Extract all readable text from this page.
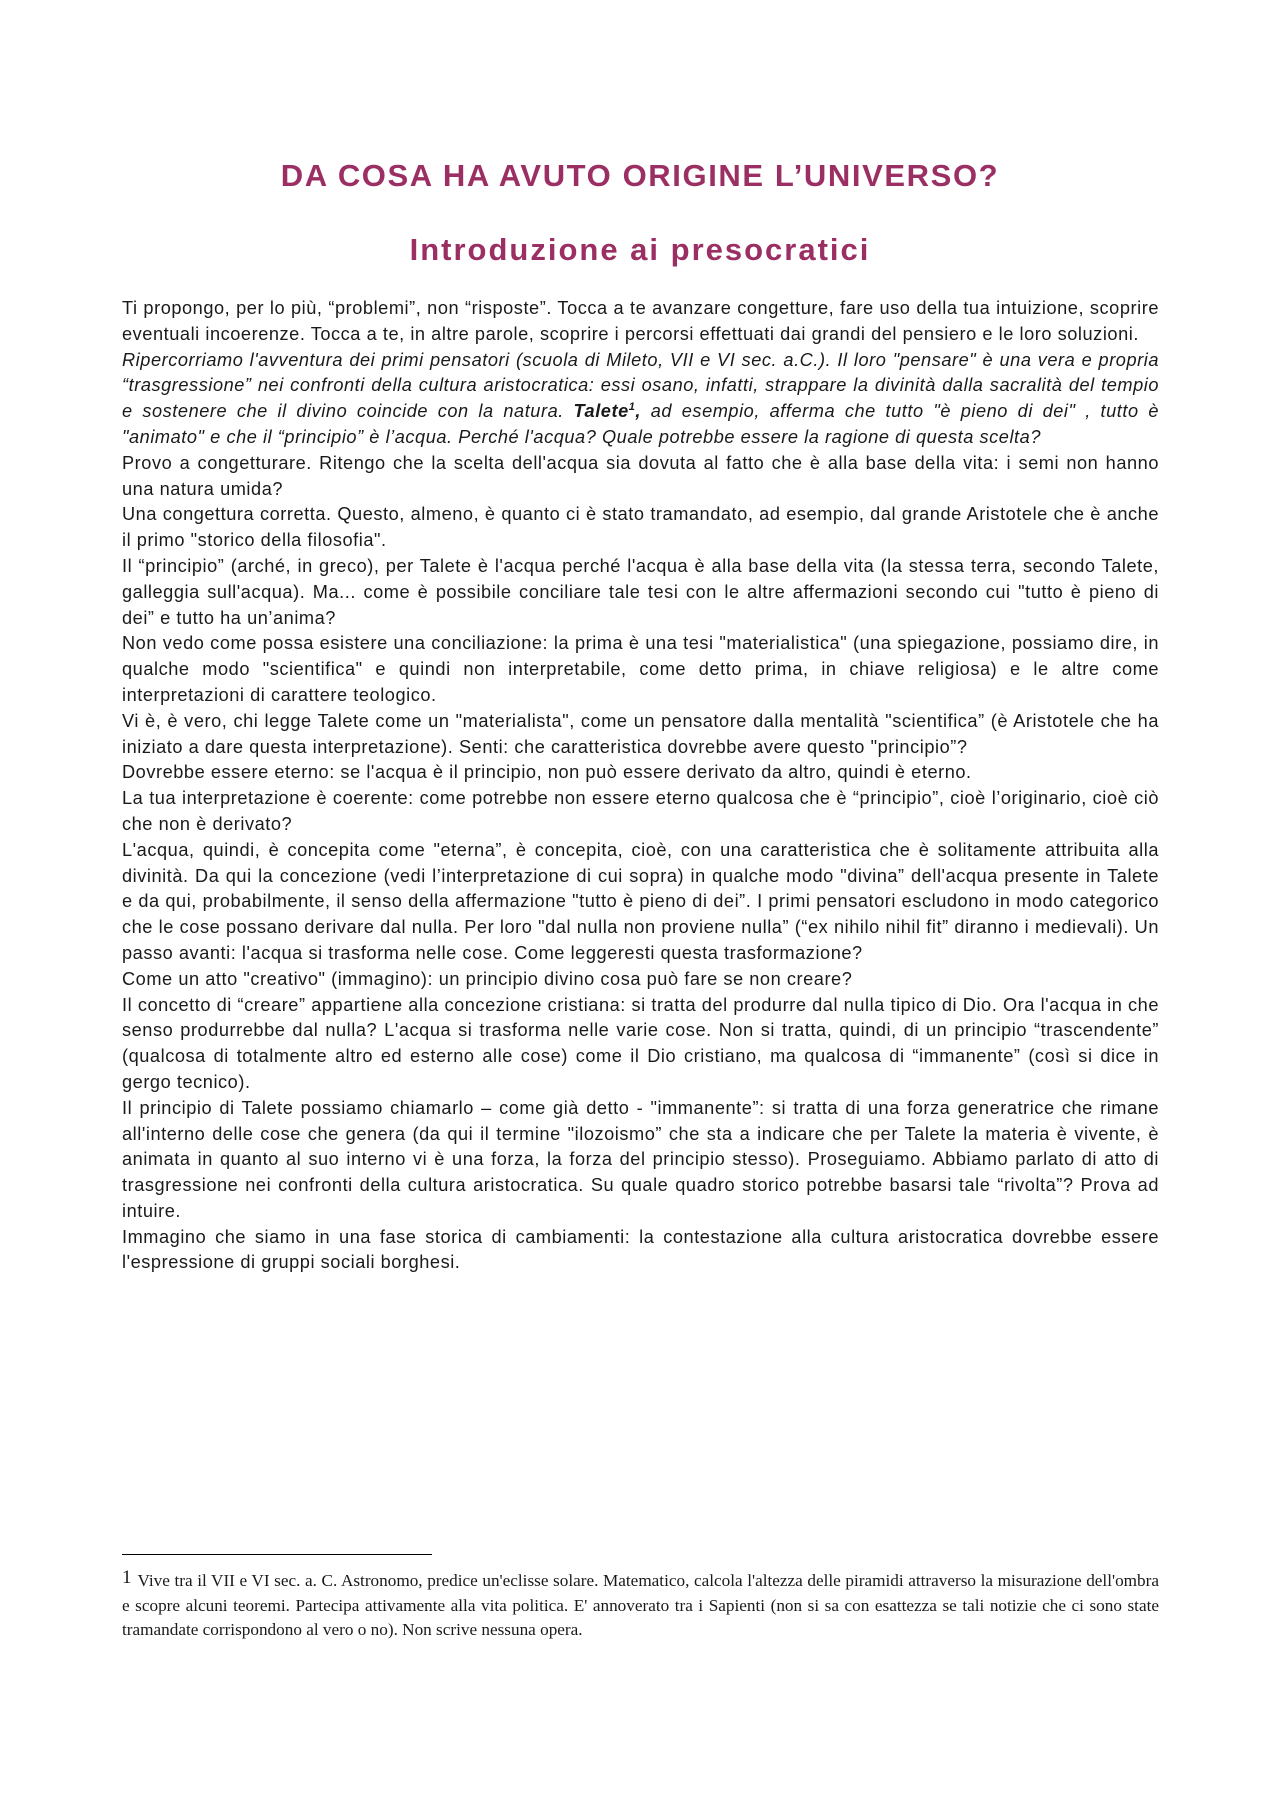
DA COSA HA AVUTO ORIGINE L’UNIVERSO?
Introduzione ai presocratici

Ti propongo, per lo più, “problemi”, non “risposte”. Tocca a te avanzare congetture, fare uso della tua intuizione, scoprire eventuali incoerenze. Tocca a te, in altre parole, scoprire i percorsi effettuati dai grandi del pensiero e le loro soluzioni.

Ripercorriamo l'avventura dei primi pensatori (scuola di Mileto, VII e VI sec. a.C.). Il loro "pensare" è una vera e propria “trasgressione” nei confronti della cultura aristocratica: essi osano, infatti, strappare la divinità dalla sacralità del tempio e sostenere che il divino coincide con la natura. Talete$^1$, ad esempio, afferma che tutto "è pieno di dei" , tutto è "animato" e che il “principio” è l’acqua. Perché l'acqua? Quale potrebbe essere la ragione di questa scelta?

Provo a congetturare. Ritengo che la scelta dell'acqua sia dovuta al fatto che è alla base della vita: i semi non hanno una natura umida?

Una congettura corretta. Questo, almeno, è quanto ci è stato tramandato, ad esempio, dal grande Aristotele che è anche il primo "storico della filosofia".

Il “principio” (arché, in greco), per Talete è l'acqua perché l'acqua è alla base della vita (la stessa terra, secondo Talete, galleggia sull'acqua). Ma... come è possibile conciliare tale tesi con le altre affermazioni secondo cui "tutto è pieno di dei” e tutto ha un’anima?

Non vedo come possa esistere una conciliazione: la prima è una tesi "materialistica" (una spiegazione, possiamo dire, in qualche modo "scientifica" e quindi non interpretabile, come detto prima, in chiave religiosa) e le altre come interpretazioni di carattere teologico.

Vi è, è vero, chi legge Talete come un "materialista", come un pensatore dalla mentalità "scientifica” (è Aristotele che ha iniziato a dare questa interpretazione). Senti: che caratteristica dovrebbe avere questo "principio”?

Dovrebbe essere eterno: se l'acqua è il principio, non può essere derivato da altro, quindi è eterno.

La tua interpretazione è coerente: come potrebbe non essere eterno qualcosa che è “principio”, cioè l’originario, cioè ciò che non è derivato?

L'acqua, quindi, è concepita come "eterna”, è concepita, cioè, con una caratteristica che è solitamente attribuita alla divinità. Da qui la concezione (vedi l’interpretazione di cui sopra) in qualche modo "divina” dell'acqua presente in Talete e da qui, probabilmente, il senso della affermazione "tutto è pieno di dei”. I primi pensatori escludono in modo categorico che le cose possano derivare dal nulla. Per loro "dal nulla non proviene nulla” (“ex nihilo nihil fit” diranno i medievali). Un passo avanti: l'acqua si trasforma nelle cose. Come leggeresti questa trasformazione?

Come un atto "creativo" (immagino): un principio divino cosa può fare se non creare?

Il concetto di “creare” appartiene alla concezione cristiana: si tratta del produrre dal nulla tipico di Dio. Ora l'acqua in che senso produrrebbe dal nulla? L'acqua si trasforma nelle varie cose. Non si tratta, quindi, di un principio “trascendente” (qualcosa di totalmente altro ed esterno alle cose) come il Dio cristiano, ma qualcosa di “immanente” (così si dice in gergo tecnico).

Il principio di Talete possiamo chiamarlo – come già detto - "immanente”: si tratta di una forza generatrice che rimane all'interno delle cose che genera (da qui il termine "ilozoismo” che sta a indicare che per Talete la materia è vivente, è animata in quanto al suo interno vi è una forza, la forza del principio stesso). Proseguiamo. Abbiamo parlato di atto di trasgressione nei confronti della cultura aristocratica. Su quale quadro storico potrebbe basarsi tale “rivolta”? Prova ad intuire.

Immagino che siamo in una fase storica di cambiamenti: la contestazione alla cultura aristocratica dovrebbe essere l'espressione di gruppi sociali borghesi.

1 Vive tra il VII e VI sec. a. C. Astronomo, predice un'eclisse solare. Matematico, calcola l'altezza delle piramidi attraverso la misurazione dell'ombra e scopre alcuni teoremi. Partecipa attivamente alla vita politica. E' annoverato tra i Sapienti (non si sa con esattezza se tali notizie che ci sono state tramandate corrispondono al vero o no). Non scrive nessuna opera.
